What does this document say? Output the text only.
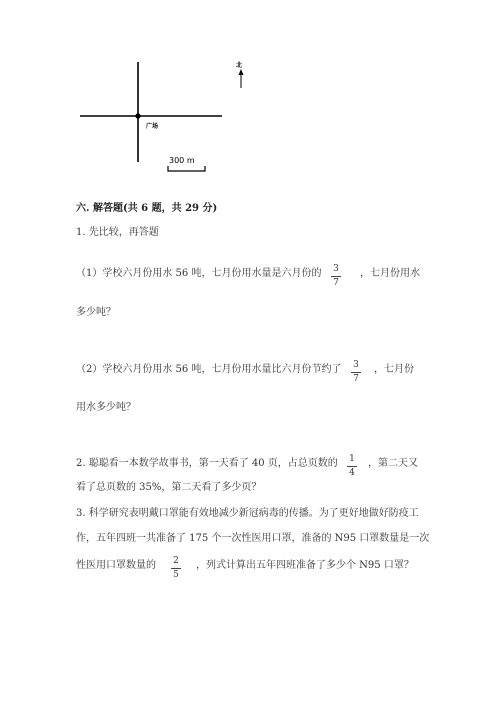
北
广场
300 m
六. 解答题(共 6 题，共 29 分)
1. 先比较，再答题
（1）学校六月份用水 56 吨，七月份用水量是六月份的	3
7
，七月份用水
多少吨？
（2）学校六月份用水 56 吨，七月份用水量比六月份节约了	3
7
，七月份
用水多少吨？
2. 聪聪看一本数学故事书，第一天看了 40 页，占总页数的	1
4
，第二天又
看了总页数的 35%，第二天看了多少页？
3. 科学研究表明戴口罩能有效地减少新冠病毒的传播。为了更好地做好防疫工
作，五年四班一共准备了 175 个一次性医用口罩，准备的 N95 口罩数量是一次
性医用口罩数量的	2
5
，列式计算出五年四班准备了多少个 N95 口罩？
